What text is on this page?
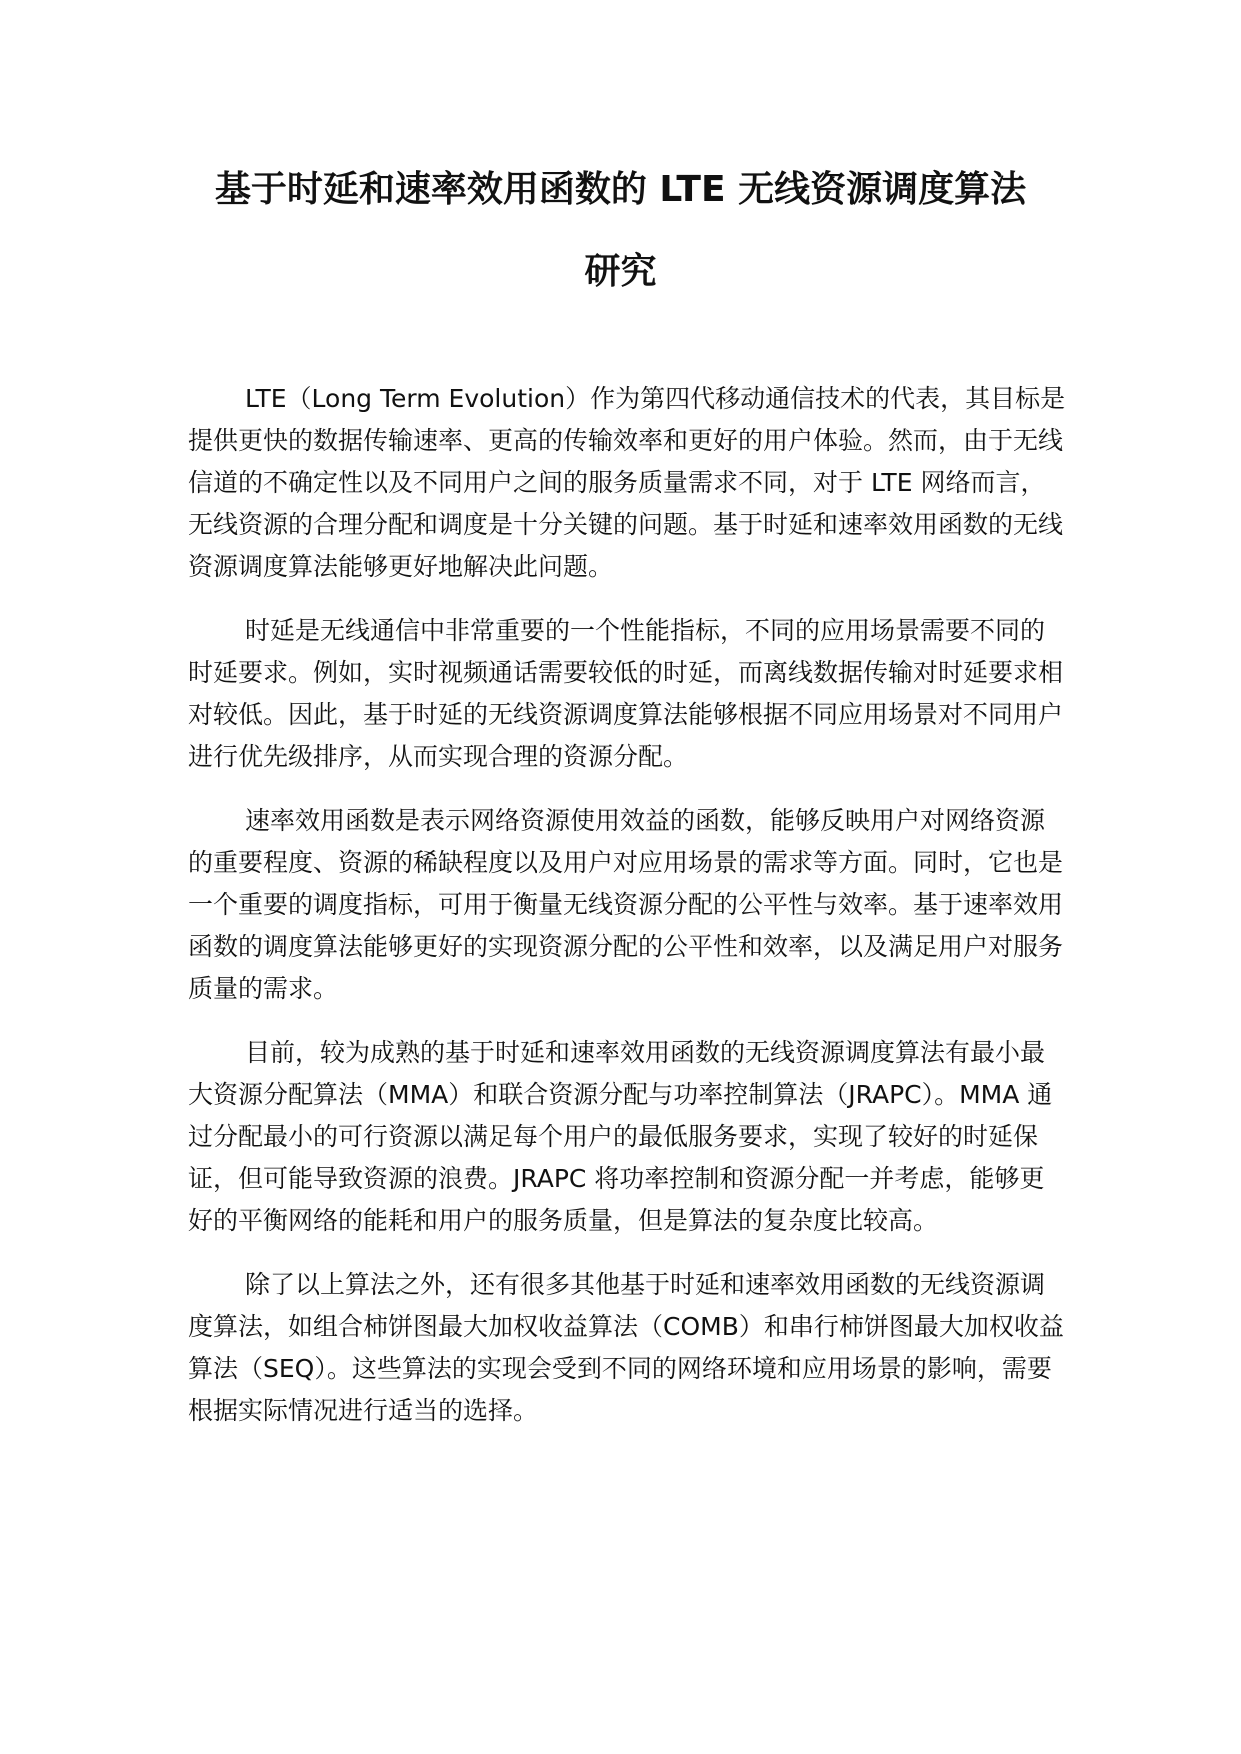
基于时延和速率效用函数的 LTE 无线资源调度算法
研究

LTE（Long Term Evolution）作为第四代移动通信技术的代表，其目标是提供更快的数据传输速率、更高的传输效率和更好的用户体验。然而，由于无线信道的不确定性以及不同用户之间的服务质量需求不同，对于 LTE 网络而言，无线资源的合理分配和调度是十分关键的问题。基于时延和速率效用函数的无线资源调度算法能够更好地解决此问题。

时延是无线通信中非常重要的一个性能指标，不同的应用场景需要不同的时延要求。例如，实时视频通话需要较低的时延，而离线数据传输对时延要求相对较低。因此，基于时延的无线资源调度算法能够根据不同应用场景对不同用户进行优先级排序，从而实现合理的资源分配。

速率效用函数是表示网络资源使用效益的函数，能够反映用户对网络资源的重要程度、资源的稀缺程度以及用户对应用场景的需求等方面。同时，它也是一个重要的调度指标，可用于衡量无线资源分配的公平性与效率。基于速率效用函数的调度算法能够更好的实现资源分配的公平性和效率，以及满足用户对服务质量的需求。

目前，较为成熟的基于时延和速率效用函数的无线资源调度算法有最小最大资源分配算法（MMA）和联合资源分配与功率控制算法（JRAPC）。MMA 通过分配最小的可行资源以满足每个用户的最低服务要求，实现了较好的时延保证，但可能导致资源的浪费。JRAPC 将功率控制和资源分配一并考虑，能够更好的平衡网络的能耗和用户的服务质量，但是算法的复杂度比较高。

除了以上算法之外，还有很多其他基于时延和速率效用函数的无线资源调度算法，如组合柿饼图最大加权收益算法（COMB）和串行柿饼图最大加权收益算法（SEQ）。这些算法的实现会受到不同的网络环境和应用场景的影响，需要根据实际情况进行适当的选择。
